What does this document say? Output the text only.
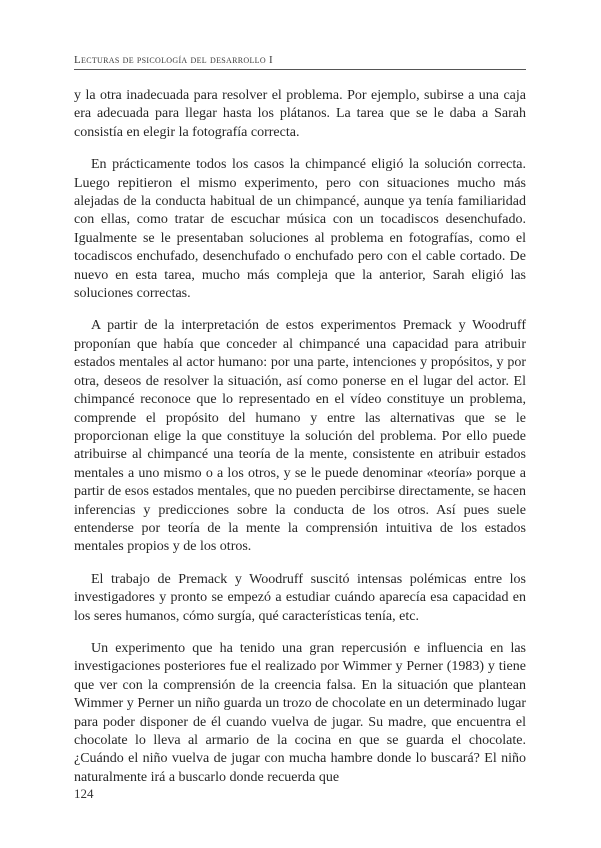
Lecturas de psicología del desarrollo I

y la otra inadecuada para resolver el problema. Por ejemplo, subirse a una caja era adecuada para llegar hasta los plátanos. La tarea que se le daba a Sarah consistía en elegir la fotografía correcta.

En prácticamente todos los casos la chimpancé eligió la solución correcta. Luego repitieron el mismo experimento, pero con situaciones mucho más alejadas de la conducta habitual de un chimpancé, aunque ya tenía familiaridad con ellas, como tratar de escuchar música con un tocadiscos desenchufado. Igualmente se le presentaban soluciones al problema en fotografías, como el tocadiscos enchufado, desenchufado o enchufado pero con el cable cortado. De nuevo en esta tarea, mucho más compleja que la anterior, Sarah eligió las soluciones correctas.

A partir de la interpretación de estos experimentos Premack y Woodruff proponían que había que conceder al chimpancé una capacidad para atribuir estados mentales al actor humano: por una parte, intenciones y propósitos, y por otra, deseos de resolver la situación, así como ponerse en el lugar del actor. El chimpancé reconoce que lo representado en el vídeo constituye un problema, comprende el propósito del humano y entre las alternativas que se le proporcionan elige la que constituye la solución del problema. Por ello puede atribuirse al chimpancé una teoría de la mente, consistente en atribuir estados mentales a uno mismo o a los otros, y se le puede denominar «teoría» porque a partir de esos estados mentales, que no pueden percibirse directamente, se hacen inferencias y predicciones sobre la conducta de los otros. Así pues suele entenderse por teoría de la mente la comprensión intuitiva de los estados mentales propios y de los otros.

El trabajo de Premack y Woodruff suscitó intensas polémicas entre los investigadores y pronto se empezó a estudiar cuándo aparecía esa capacidad en los seres humanos, cómo surgía, qué características tenía, etc.

Un experimento que ha tenido una gran repercusión e influencia en las investigaciones posteriores fue el realizado por Wimmer y Perner (1983) y tiene que ver con la comprensión de la creencia falsa. En la situación que plantean Wimmer y Perner un niño guarda un trozo de chocolate en un determinado lugar para poder disponer de él cuando vuelva de jugar. Su madre, que encuentra el chocolate lo lleva al armario de la cocina en que se guarda el chocolate. ¿Cuándo el niño vuelva de jugar con mucha hambre donde lo buscará? El niño naturalmente irá a buscarlo donde recuerda que

124
